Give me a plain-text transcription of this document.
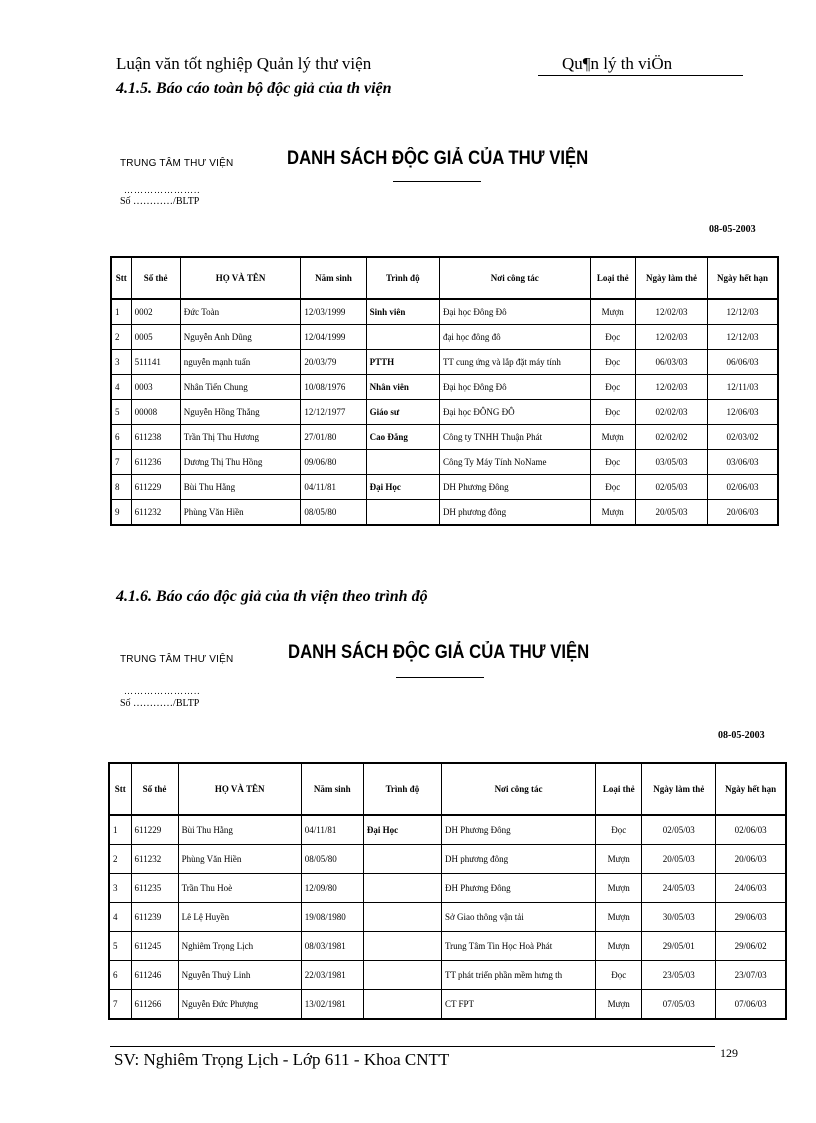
Luận văn tốt nghiệp Quản lý thư viện	Qu¶n lý th viÖn
4.1.5. Báo cáo toàn bộ độc giả của th viện
TRUNG TÂM THƯ VIỆN	DANH SÁCH ĐỘC GIẢ CỦA THƯ VIỆN
…………………..
Số …………/BLTP
08-05-2003
Stt	Số thẻ	HỌ VÀ TÊN	Năm sinh	Trình độ	Nơi công tác	Loại thẻ	Ngày làm thẻ	Ngày hết hạn
1	0002	Đức Toàn	12/03/1999	Sinh viên	Đại học Đông Đô	Mượn	12/02/03	12/12/03
2	0005	Nguyễn Anh Dũng	12/04/1999		đại học đông đô	Đọc	12/02/03	12/12/03
3	511141	nguyễn mạnh tuấn	20/03/79	PTTH	TT cung ứng và lắp đặt máy tính	Đọc	06/03/03	06/06/03
4	0003	Nhân Tiến Chung	10/08/1976	Nhân viên	Đại học Đông Đô	Đọc	12/02/03	12/11/03
5	00008	Nguyễn Hồng Thắng	12/12/1977	Giáo sư	Đại học ĐÔNG ĐÔ	Đọc	02/02/03	12/06/03
6	611238	Trần Thị Thu Hương	27/01/80	Cao Đẳng	Công ty TNHH Thuận Phát	Mượn	02/02/02	02/03/02
7	611236	Dương Thị Thu Hồng	09/06/80		Công Ty Máy Tính NoName	Đọc	03/05/03	03/06/03
8	611229	Bùi Thu Hằng	04/11/81	Đại Học	DH Phương Đông	Đọc	02/05/03	02/06/03
9	611232	Phùng Văn Hiền	08/05/80		DH phương đông	Mượn	20/05/03	20/06/03
4.1.6. Báo cáo độc giả của th viện theo trình độ
TRUNG TÂM THƯ VIỆN	DANH SÁCH ĐỘC GIẢ CỦA THƯ VIỆN
…………………..
Số …………/BLTP
08-05-2003
Stt	Số thẻ	HỌ VÀ TÊN	Năm sinh	Trình độ	Nơi công tác	Loại thẻ	Ngày làm thẻ	Ngày hết hạn
1	611229	Bùi Thu Hằng	04/11/81	Đại Học	DH Phương Đông	Đọc	02/05/03	02/06/03
2	611232	Phùng Văn Hiền	08/05/80		DH phương đông	Mượn	20/05/03	20/06/03
3	611235	Trần Thu Hoè	12/09/80		ĐH Phương Đông	Mượn	24/05/03	24/06/03
4	611239	Lê Lệ Huyền	19/08/1980		Sở Giao thông vận tải	Mượn	30/05/03	29/06/03
5	611245	Nghiêm Trọng Lịch	08/03/1981		Trung Tâm Tin Học Hoà Phát	Mượn	29/05/01	29/06/02
6	611246	Nguyễn Thuỳ Linh	22/03/1981		TT phát triển phần mềm hưng th	Đọc	23/05/03	23/07/03
7	611266	Nguyễn Đức Phượng	13/02/1981		CT FPT	Mượn	07/05/03	07/06/03
SV: Nghiêm Trọng Lịch - Lớp 611 - Khoa CNTT	129
